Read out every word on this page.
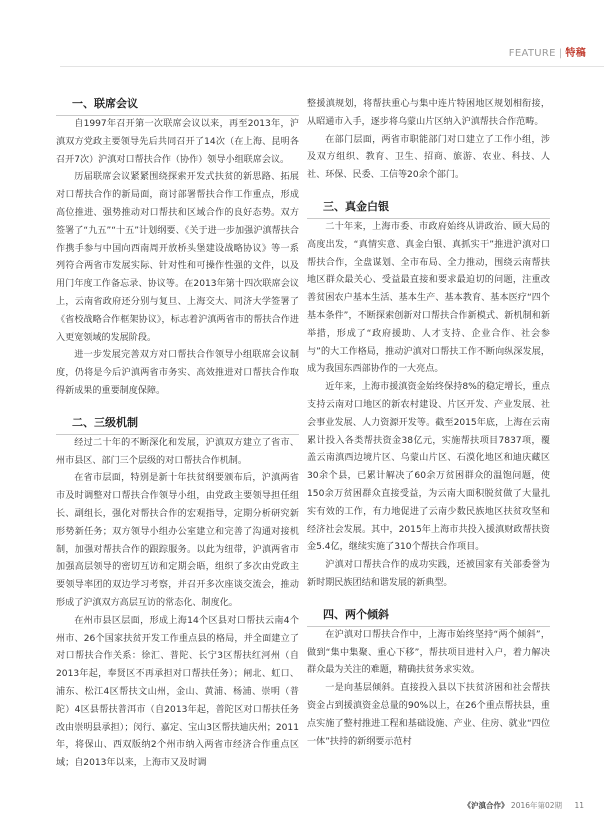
FEATURE | 特稿
一、联席会议

自1997年召开第一次联席会议以来，再至2013年，沪滇双方党政主要领导先后共同召开了14次（在上海、昆明各召开7次）沪滇对口帮扶合作（协作）领导小组联席会议。

历届联席会议紧紧围绕探索开发式扶贫的新思路、拓展对口帮扶合作的新局面，商讨部署帮扶合作工作重点，形成高位推进、强势推动对口帮扶和区域合作的良好态势。双方签署了“九五”“十五”计划纲要、《关于进一步加强沪滇帮扶合作携手参与中国向西南周开放桥头堡建设战略协议》等一系列符合两省市发展实际、针对性和可操作性强的文件，以及用门年度工作备忘录、协议等。在2013年第十四次联席会议上，云南省政府还分别与复旦、上海交大、同济大学签署了《省校战略合作框架协议》，标志着沪滇两省市的帮扶合作进入更宽领域的发展阶段。

进一步发展完善双方对口帮扶合作领导小组联席会议制度，仍将是今后沪滇两省市务实、高效推进对口帮扶合作取得新成果的重要制度保障。

二、三级机制

经过二十年的不断深化和发展，沪滇双方建立了省市、州市县区、部门三个层级的对口帮扶合作机制。

在省市层面，特别是新十年扶贫纲要颁布后，沪滇两省市及时调整对口帮扶合作领导小组，由党政主要领导担任组长、副组长，强化对帮扶合作的宏观指导，定期分析研究新形势新任务；双方领导小组办公室建立和完善了沟通对接机制，加强对帮扶合作的跟踪服务。以此为纽带，沪滇两省市加强高层领导的密切互访和定期会晤，组织了多次由党政主要领导率团的双边学习考察，并召开多次座谈交流会，推动形成了沪滇双方高层互访的常态化、制度化。

在州市县区层面，形成上海14个区县对口帮扶云南4个州市、26个国家扶贫开发工作重点县的格局，并全面建立了对口帮扶合作关系：徐汇、普陀、长宁3区帮扶红河州（自2013年起，奉贤区不再承担对口帮扶任务）；闸北、虹口、浦东、松江4区帮扶文山州，金山、黄浦、杨浦、崇明（普陀）4区县帮扶普洱市（自2013年起，普陀区对口帮扶任务改由崇明县承担）；闵行、嘉定、宝山3区帮扶迪庆州；2011年，将保山、西双版纳2个州市纳入两省市经济合作重点区域；自2013年以来，上海市又及时调

整援滇规划，将帮扶重心与集中连片特困地区规划相衔接，从昭通市入手，逐步将乌蒙山片区纳入沪滇帮扶合作范畴。

在部门层面，两省市职能部门对口建立了工作小组，涉及双方组织、教育、卫生、招商、旅游、农业、科技、人社、环保、民委、工信等20余个部门。

三、真金白银

二十年来，上海市委、市政府始终从讲政治、顾大局的高度出发，“真情实意、真金白银、真抓实干”推进沪滇对口帮扶合作，全盘谋划、全市布局、全力推动，围绕云南帮扶地区群众最关心、受益最直接和要求最迫切的问题，注重改善贫困农户基本生活、基本生产、基本教育、基本医疗“四个基本条件”，不断探索创新对口帮扶合作新模式、新机制和新举措，形成了“政府援助、人才支持、企业合作、社会参与”的大工作格局，推动沪滇对口帮扶工作不断向纵深发展，成为我国东西部协作的一大亮点。

近年来，上海市援滇资金始终保持8%的稳定增长，重点支持云南对口地区的新农村建设、片区开发、产业发展、社会事业发展、人力资源开发等。截至2015年底，上海在云南累计投入各类帮扶资金38亿元，实施帮扶项目7837项，覆盖云南滇西边境片区、乌蒙山片区、石漠化地区和迪庆藏区30余个县，已累计解决了60余万贫困群众的温饱问题，使150余万贫困群众直接受益，为云南大面积脱贫做了大量扎实有效的工作，有力地促进了云南少数民族地区扶贫攻坚和经济社会发展。其中，2015年上海市共投入援滇财政帮扶资金5.4亿，继续实施了310个帮扶合作项目。

沪滇对口帮扶合作的成功实践，还被国家有关部委誉为新时期民族团结和谐发展的新典型。

四、两个倾斜

在沪滇对口帮扶合作中，上海市始终坚持“两个倾斜”，做到“集中集聚、重心下移”，帮扶项目进村入户，着力解决群众最为关注的难题，精确扶贫务求实效。

一是向基层倾斜。直接投入县以下扶贫济困和社会帮扶资金占到援滇资金总量的90%以上，在26个重点帮扶县，重点实施了整村推进工程和基础设施、产业、住房、就业“四位一体”扶持的新纲要示范村

《沪滇合作》 2016年第02期 11
